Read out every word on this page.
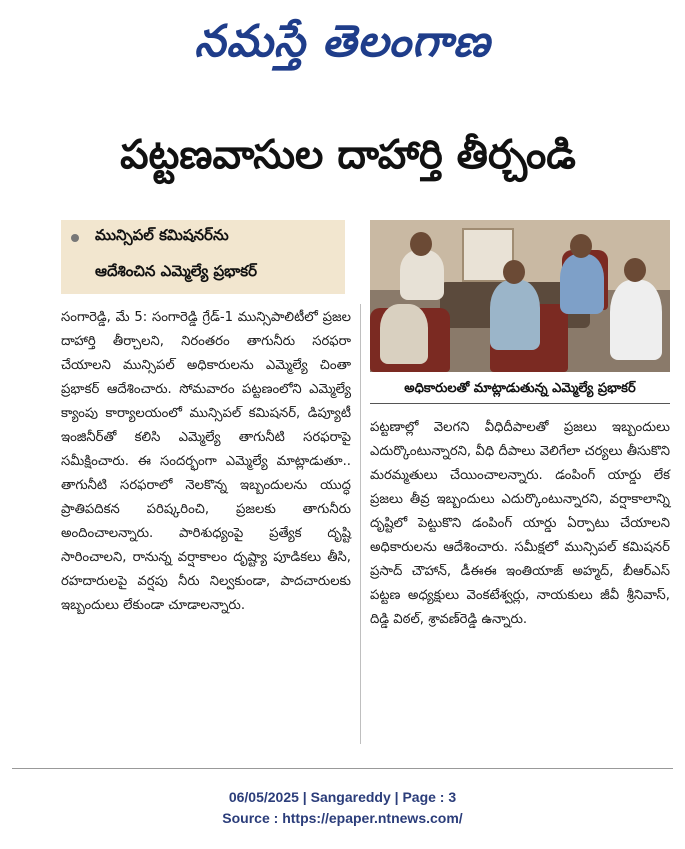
నమస్తే తెలంగాణ
పట్టణవాసుల దాహార్తి తీర్చండి
మున్సిపల్ కమిషనర్‌ను
ఆదేశించిన ఎమ్మెల్యే ప్రభాకర్
అధికారులతో మాట్లాడుతున్న ఎమ్మెల్యే ప్రభాకర్

సంగారెడ్డి, మే 5: సంగారెడ్డి గ్రేడ్-1 మున్సిపాలిటీలో ప్రజల దాహార్తి తీర్చాలని, నిరంతరం తాగునీరు సరఫరా చేయాలని మున్సిపల్ అధికారులను ఎమ్మెల్యే చింతా ప్రభాకర్ ఆదేశించారు. సోమవారం పట్టణంలోని ఎమ్మెల్యే క్యాంపు కార్యాలయంలో మున్సిపల్ కమిషనర్, డిప్యూటీ ఇంజినీర్‌తో కలిసి ఎమ్మెల్యే తాగునీటి సరఫరాపై సమీక్షించారు. ఈ సందర్భంగా ఎమ్మెల్యే మాట్లాడుతూ.. తాగునీటి సరఫరాలో నెలకొన్న ఇబ్బందులను యుద్ధ ప్రాతిపదికన పరిష్కరించి, ప్రజలకు తాగునీరు అందించాలన్నారు. పారిశుధ్యంపై ప్రత్యేక దృష్టి సారించాలని, రానున్న వర్షాకాలం దృష్ట్యా పూడికలు తీసి, రహదారులపై వర్షపు నీరు నిల్వకుండా, పాదచారులకు ఇబ్బందులు లేకుండా చూడాలన్నారు.

పట్టణాల్లో వెలగని వీధిదీపాలతో ప్రజలు ఇబ్బందులు ఎదుర్కొంటున్నారని, వీధి దీపాలు వెలిగేలా చర్యలు తీసుకొని మరమ్మతులు చేయించాలన్నారు. డంపింగ్ యార్డు లేక ప్రజలు తీవ్ర ఇబ్బందులు ఎదుర్కొంటున్నారని, వర్షాకాలాన్ని దృష్టిలో పెట్టుకొని డంపింగ్ యార్డు ఏర్పాటు చేయాలని అధికారులను ఆదేశించారు. సమీక్షలో మున్సిపల్ కమిషనర్ ప్రసాద్ చౌహాన్, డీఈఈ ఇంతియాజ్ అహ్మద్, బీఆర్‌ఎస్ పట్టణ అధ్యక్షులు వెంకటేశ్వర్లు, నాయకులు జీవీ శ్రీనివాస్, దిడ్డి విఠల్, శ్రావణ్‌రెడ్డి ఉన్నారు.

06/05/2025 | Sangareddy | Page : 3
Source : https://epaper.ntnews.com/
